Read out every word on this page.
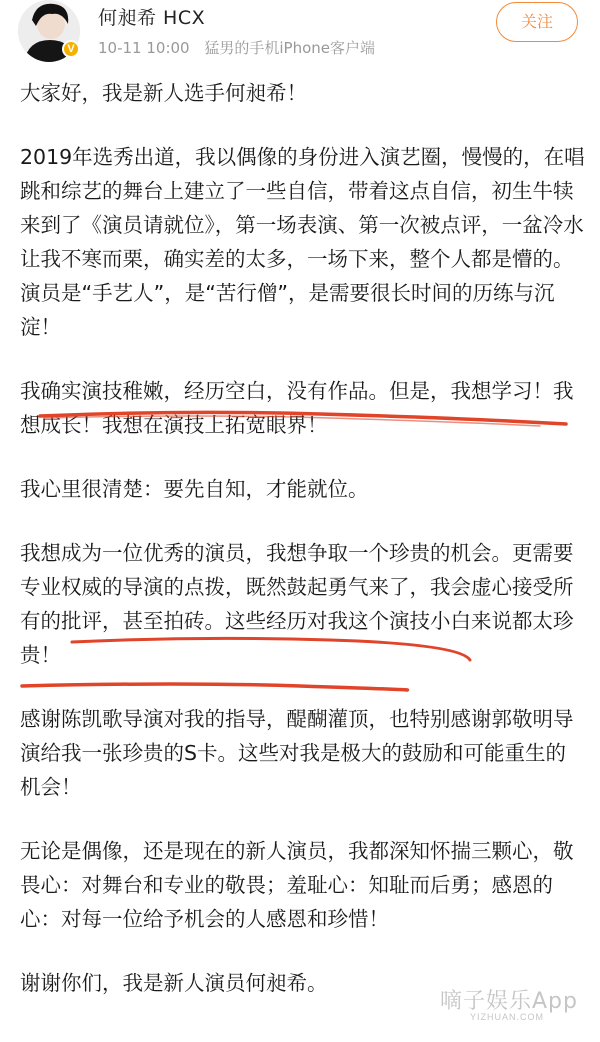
V
何昶希 HCX
10-11 10:00 猛男的手机iPhone客户端
关注

大家好，我是新人选手何昶希！

2019年选秀出道，我以偶像的身份进入演艺圈，慢慢的，在唱跳和综艺的舞台上建立了一些自信，带着这点自信，初生牛犊来到了《演员请就位》，第一场表演、第一次被点评，一盆冷水让我不寒而栗，确实差的太多，一场下来，整个人都是懵的。演员是“手艺人”，是“苦行僧”，是需要很长时间的历练与沉淀！

我确实演技稚嫩，经历空白，没有作品。但是，我想学习！我想成长！我想在演技上拓宽眼界！

我心里很清楚：要先自知，才能就位。

我想成为一位优秀的演员，我想争取一个珍贵的机会。更需要专业权威的导演的点拨，既然鼓起勇气来了，我会虚心接受所有的批评，甚至拍砖。这些经历对我这个演技小白来说都太珍贵！

感谢陈凯歌导演对我的指导，醍醐灌顶，也特别感谢郭敬明导演给我一张珍贵的S卡。这些对我是极大的鼓励和可能重生的机会！

无论是偶像，还是现在的新人演员，我都深知怀揣三颗心，敬畏心：对舞台和专业的敬畏；羞耻心：知耻而后勇；感恩的心：对每一位给予机会的人感恩和珍惜！

谢谢你们，我是新人演员何昶希。

嘀子娱乐App
YIZHUAN.COM
